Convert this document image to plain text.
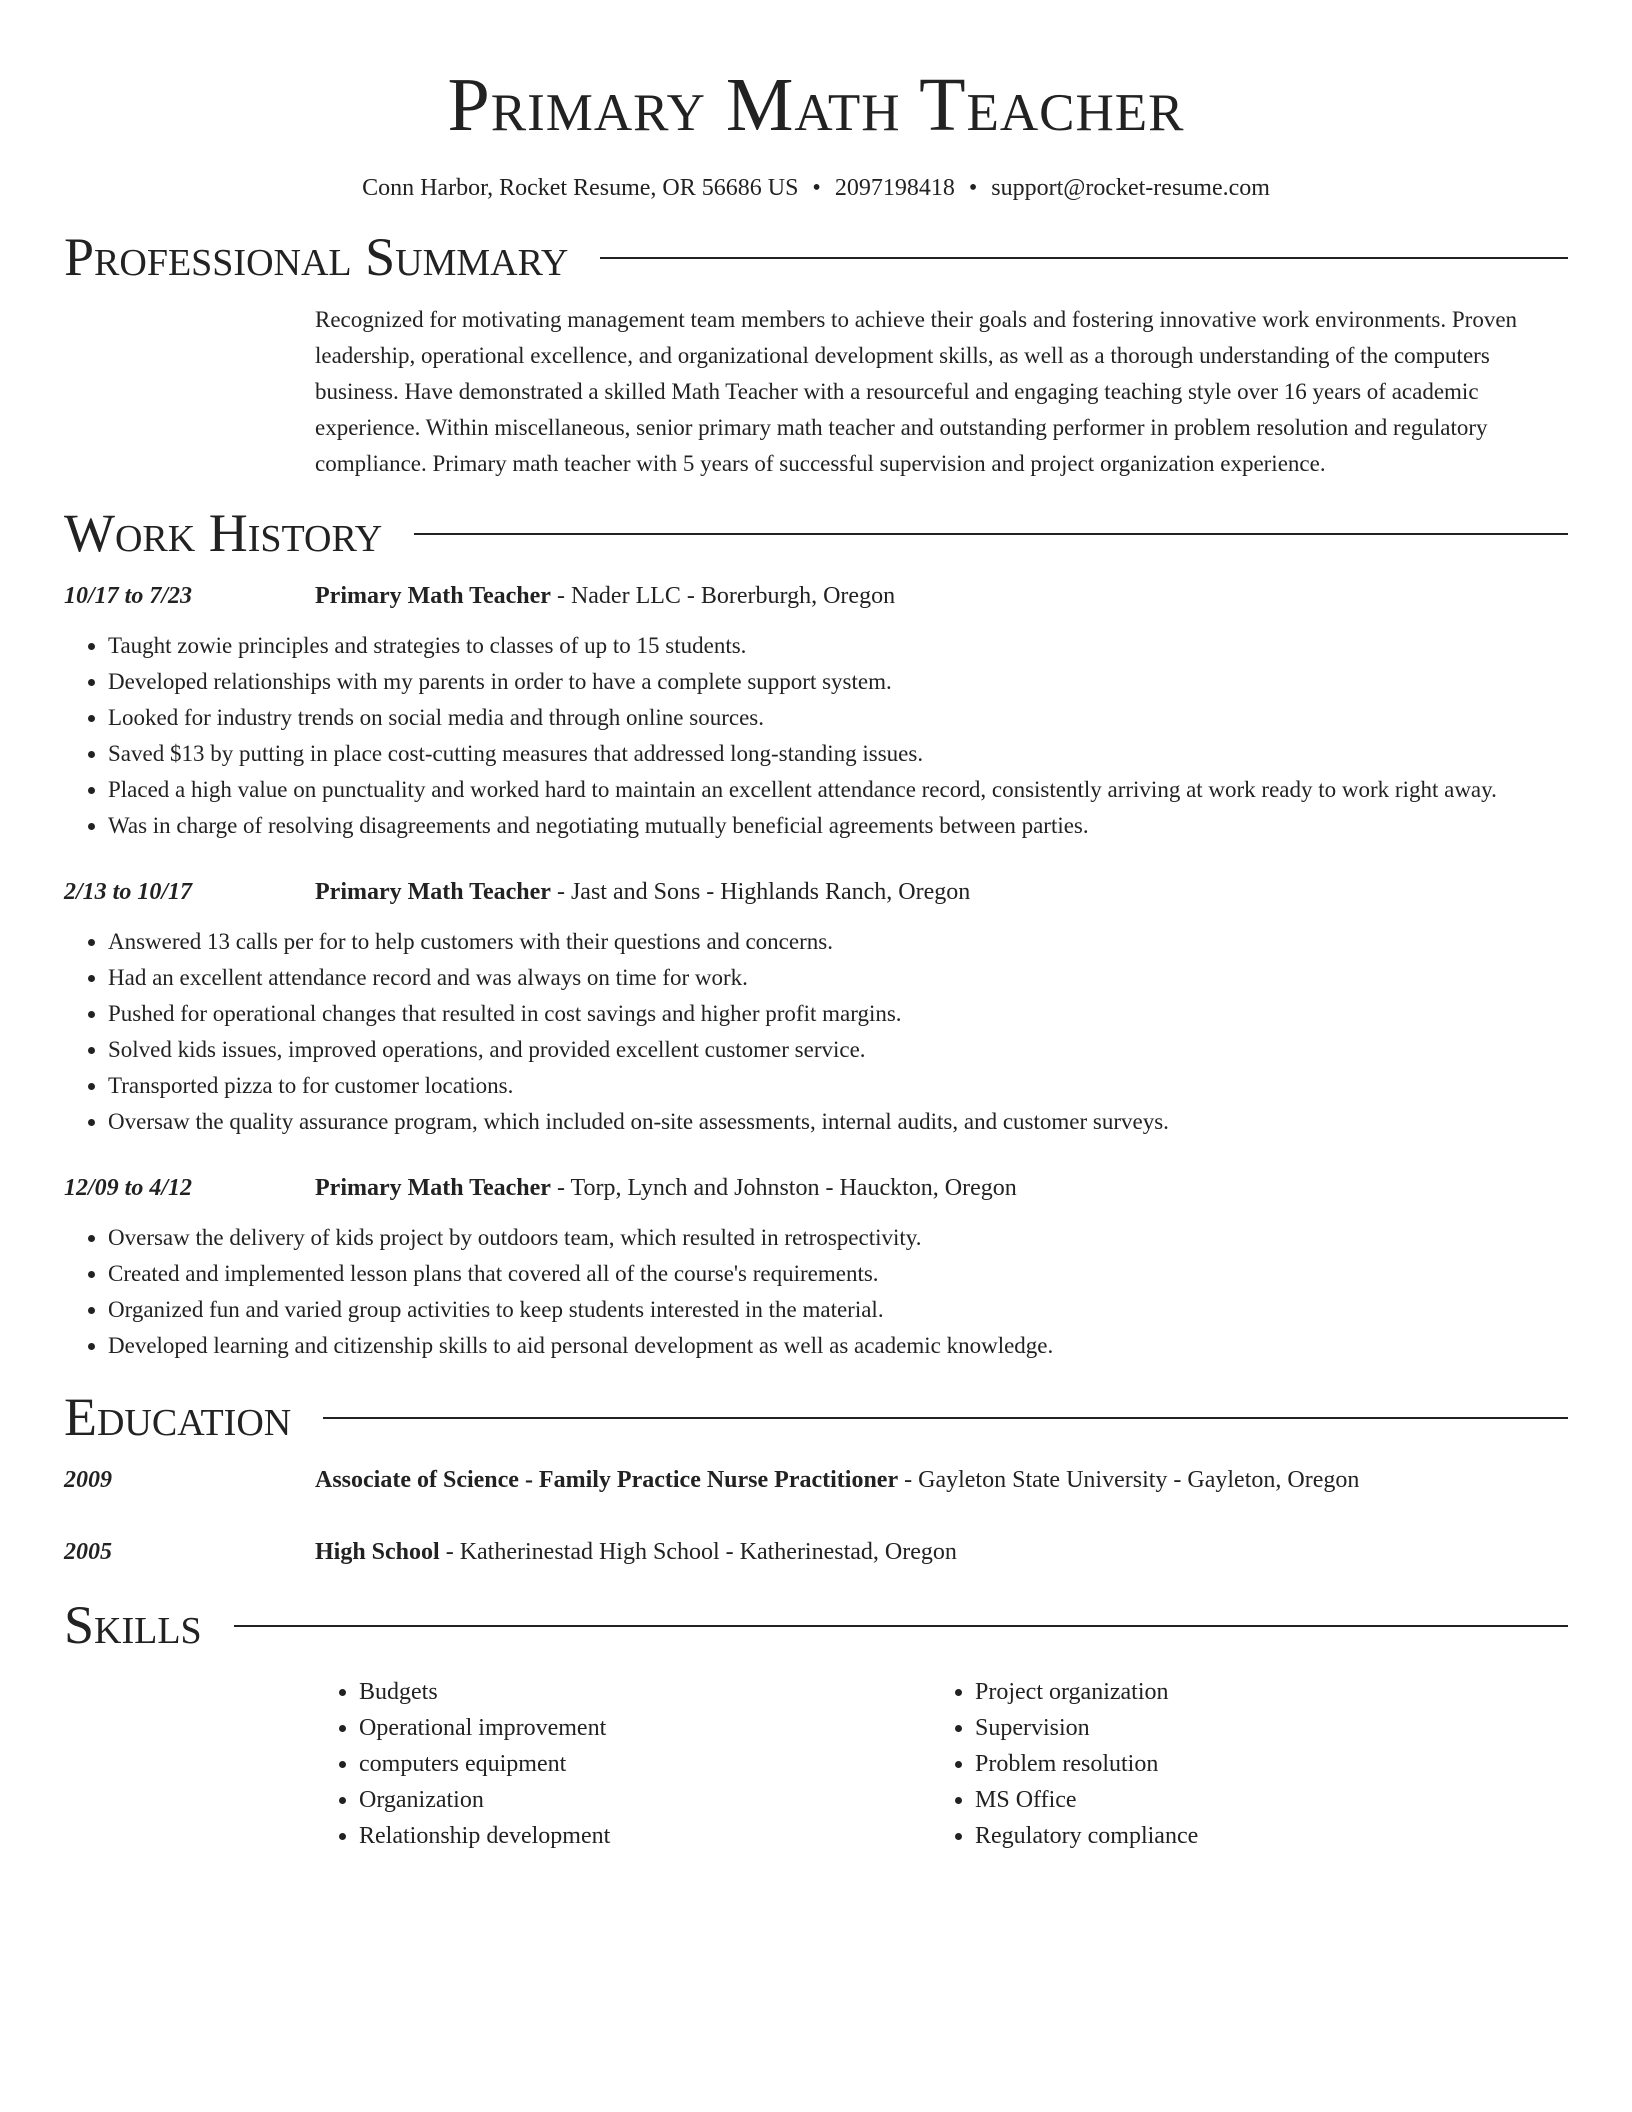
Primary Math Teacher
Conn Harbor, Rocket Resume, OR 56686 US • 2097198418 • support@rocket-resume.com
Professional Summary
Recognized for motivating management team members to achieve their goals and fostering innovative work environments. Proven leadership, operational excellence, and organizational development skills, as well as a thorough understanding of the computers business. Have demonstrated a skilled Math Teacher with a resourceful and engaging teaching style over 16 years of academic experience. Within miscellaneous, senior primary math teacher and outstanding performer in problem resolution and regulatory compliance. Primary math teacher with 5 years of successful supervision and project organization experience.
Work History
10/17 to 7/23	Primary Math Teacher - Nader LLC - Borerburgh, Oregon
• Taught zowie principles and strategies to classes of up to 15 students.
• Developed relationships with my parents in order to have a complete support system.
• Looked for industry trends on social media and through online sources.
• Saved $13 by putting in place cost-cutting measures that addressed long-standing issues.
• Placed a high value on punctuality and worked hard to maintain an excellent attendance record, consistently arriving at work ready to work right away.
• Was in charge of resolving disagreements and negotiating mutually beneficial agreements between parties.
2/13 to 10/17	Primary Math Teacher - Jast and Sons - Highlands Ranch, Oregon
• Answered 13 calls per for to help customers with their questions and concerns.
• Had an excellent attendance record and was always on time for work.
• Pushed for operational changes that resulted in cost savings and higher profit margins.
• Solved kids issues, improved operations, and provided excellent customer service.
• Transported pizza to for customer locations.
• Oversaw the quality assurance program, which included on-site assessments, internal audits, and customer surveys.
12/09 to 4/12	Primary Math Teacher - Torp, Lynch and Johnston - Hauckton, Oregon
• Oversaw the delivery of kids project by outdoors team, which resulted in retrospectivity.
• Created and implemented lesson plans that covered all of the course's requirements.
• Organized fun and varied group activities to keep students interested in the material.
• Developed learning and citizenship skills to aid personal development as well as academic knowledge.
Education
2009	Associate of Science - Family Practice Nurse Practitioner - Gayleton State University - Gayleton, Oregon
2005	High School - Katherinestad High School - Katherinestad, Oregon
Skills
• Budgets
• Operational improvement
• computers equipment
• Organization
• Relationship development
• Project organization
• Supervision
• Problem resolution
• MS Office
• Regulatory compliance
